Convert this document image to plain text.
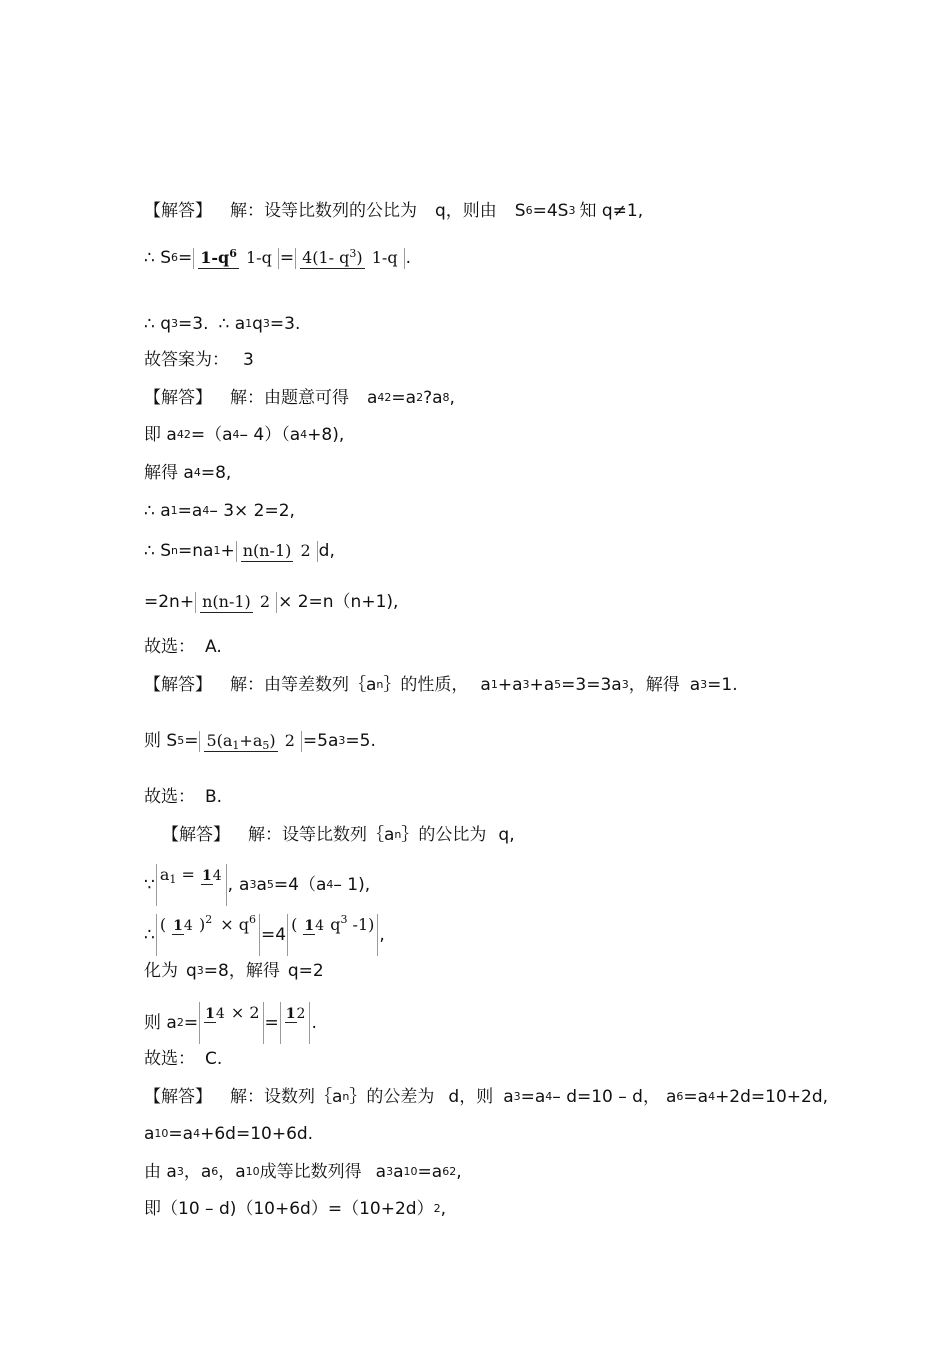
【解答】 解：设等比数列的公比为 q，则由 S 6 =4S 3 知 q≠1,
∴ S $6 = 1-q^6$ 1-q = 4(1- $q^3$) 1-q .
∴ q 3 =3. ∴ a 1 q 3 =3.
故答案为： 3
【解答】 解：由题意可得 a 4 2 =a 2 ?a 8 ,
即 a 4 2 =（a 4 – 4）（a 4 +8),
解得 a 4 =8,
∴ a 1 =a 4 – 3× 2=2,
∴ S n =na 1 + n(n-1) 2 d,
=2n+ n(n-1) 2 × 2=n（n+1),
故选： A.
【解答】 解：由等差数列｛a n ｝的性质， a 1 +a 3 +a 5 =3=3a 3 ，解得 a 3 =1.
则 S $5 = 5(a_1+a_5)$ 2 =5a 3 =5.
故选： B.
【解答】 解：设等比数列｛a n ｝的公比为 q,
∵
$a_1 = 14$ , a 3 a 5 =4（a 4 – 1),
∴
( 14 )$^2 \times q^6$
=4
( 14 $q^3$ -1)
,
化为 q 3 =8，解得 q=2
则 a 2 = 14 × 2
= 12 .
故选： C.
【解答】 解：设数列｛a n ｝的公差为 d，则 a 3 =a 4 – d=10 – d， a 6 =a 4 +2d=10+2d,
a 10 =a 4 +6d=10+6d.
由 a 3 ，a 6 ，a 10 成等比数列得 a 3 a 10 =a 6 2 ,
即（10 – d)（10+6d）=（10+2d） 2 ,
